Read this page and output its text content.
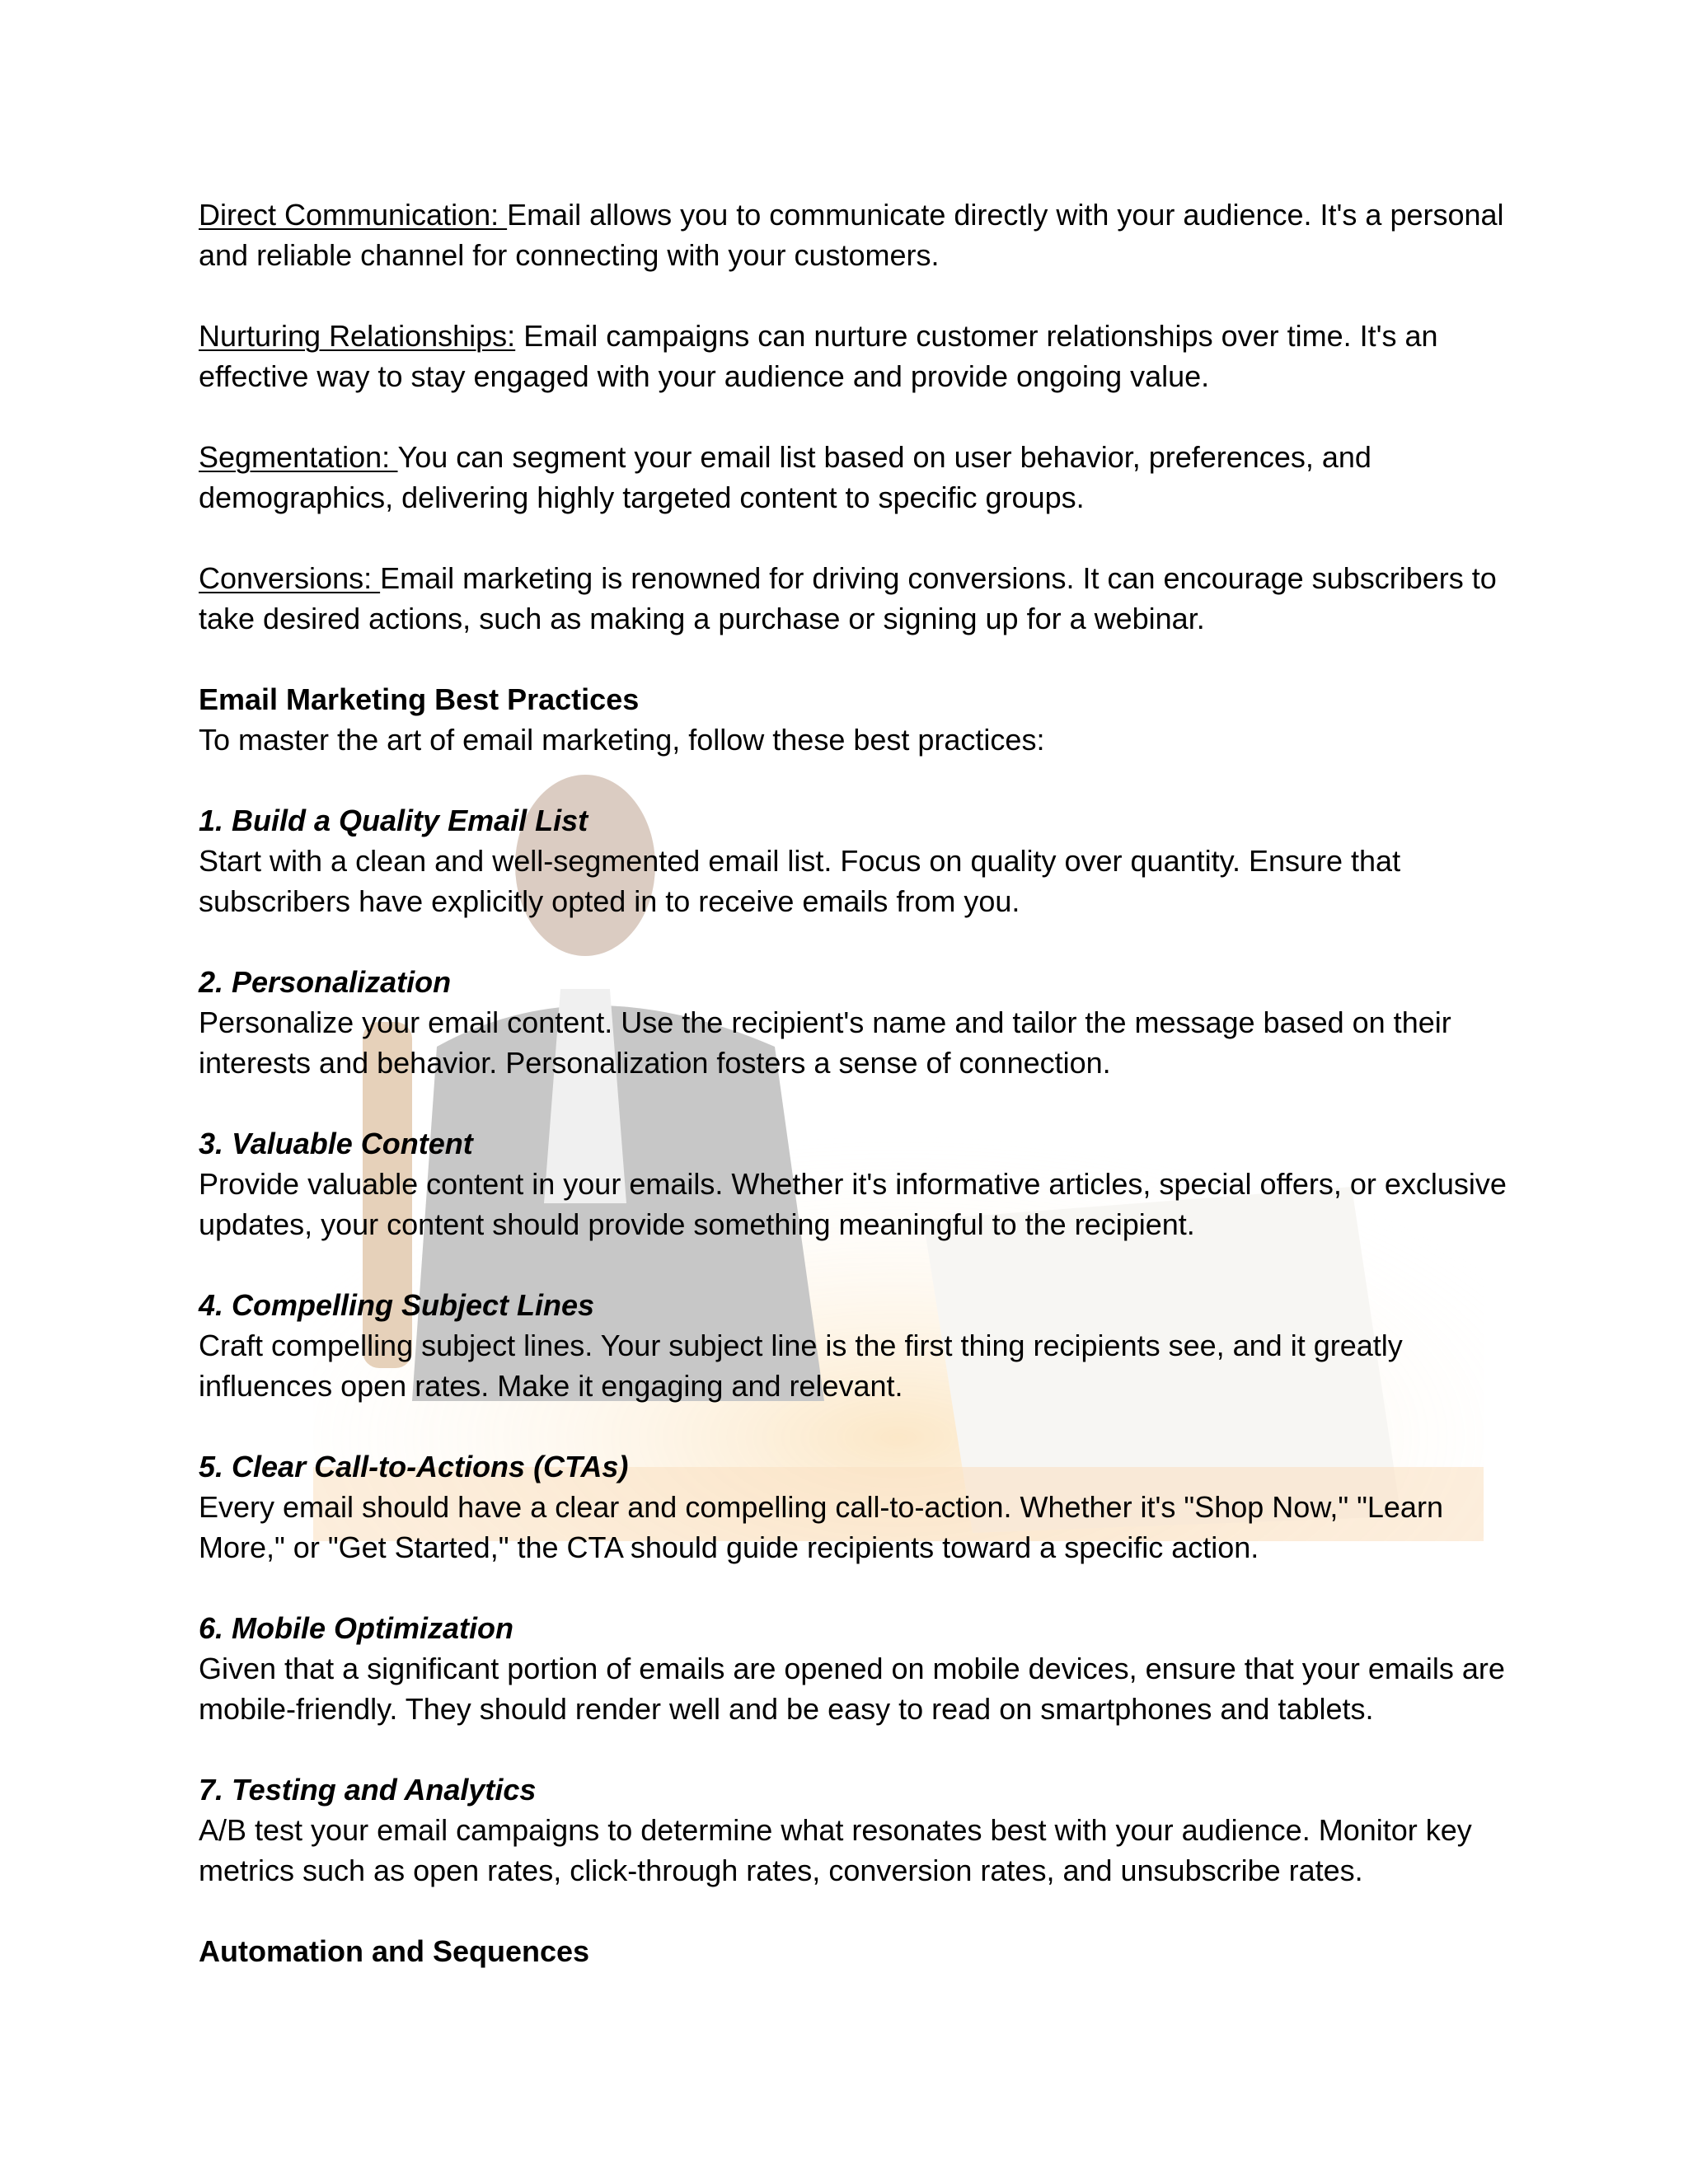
Direct Communication: Email allows you to communicate directly with your audience. It's a personal and reliable channel for connecting with your customers.

Nurturing Relationships: Email campaigns can nurture customer relationships over time. It's an effective way to stay engaged with your audience and provide ongoing value.

Segmentation: You can segment your email list based on user behavior, preferences, and demographics, delivering highly targeted content to specific groups.

Conversions: Email marketing is renowned for driving conversions. It can encourage subscribers to take desired actions, such as making a purchase or signing up for a webinar.

Email Marketing Best Practices

To master the art of email marketing, follow these best practices:

1. Build a Quality Email List

Start with a clean and well-segmented email list. Focus on quality over quantity. Ensure that subscribers have explicitly opted in to receive emails from you.

2. Personalization

Personalize your email content. Use the recipient's name and tailor the message based on their interests and behavior. Personalization fosters a sense of connection.

3. Valuable Content

Provide valuable content in your emails. Whether it's informative articles, special offers, or exclusive updates, your content should provide something meaningful to the recipient.

4. Compelling Subject Lines

Craft compelling subject lines. Your subject line is the first thing recipients see, and it greatly influences open rates. Make it engaging and relevant.

5. Clear Call-to-Actions (CTAs)

Every email should have a clear and compelling call-to-action. Whether it's "Shop Now," "Learn More," or "Get Started," the CTA should guide recipients toward a specific action.

6. Mobile Optimization

Given that a significant portion of emails are opened on mobile devices, ensure that your emails are mobile-friendly. They should render well and be easy to read on smartphones and tablets.

7. Testing and Analytics

A/B test your email campaigns to determine what resonates best with your audience. Monitor key metrics such as open rates, click-through rates, conversion rates, and unsubscribe rates.

Automation and Sequences
